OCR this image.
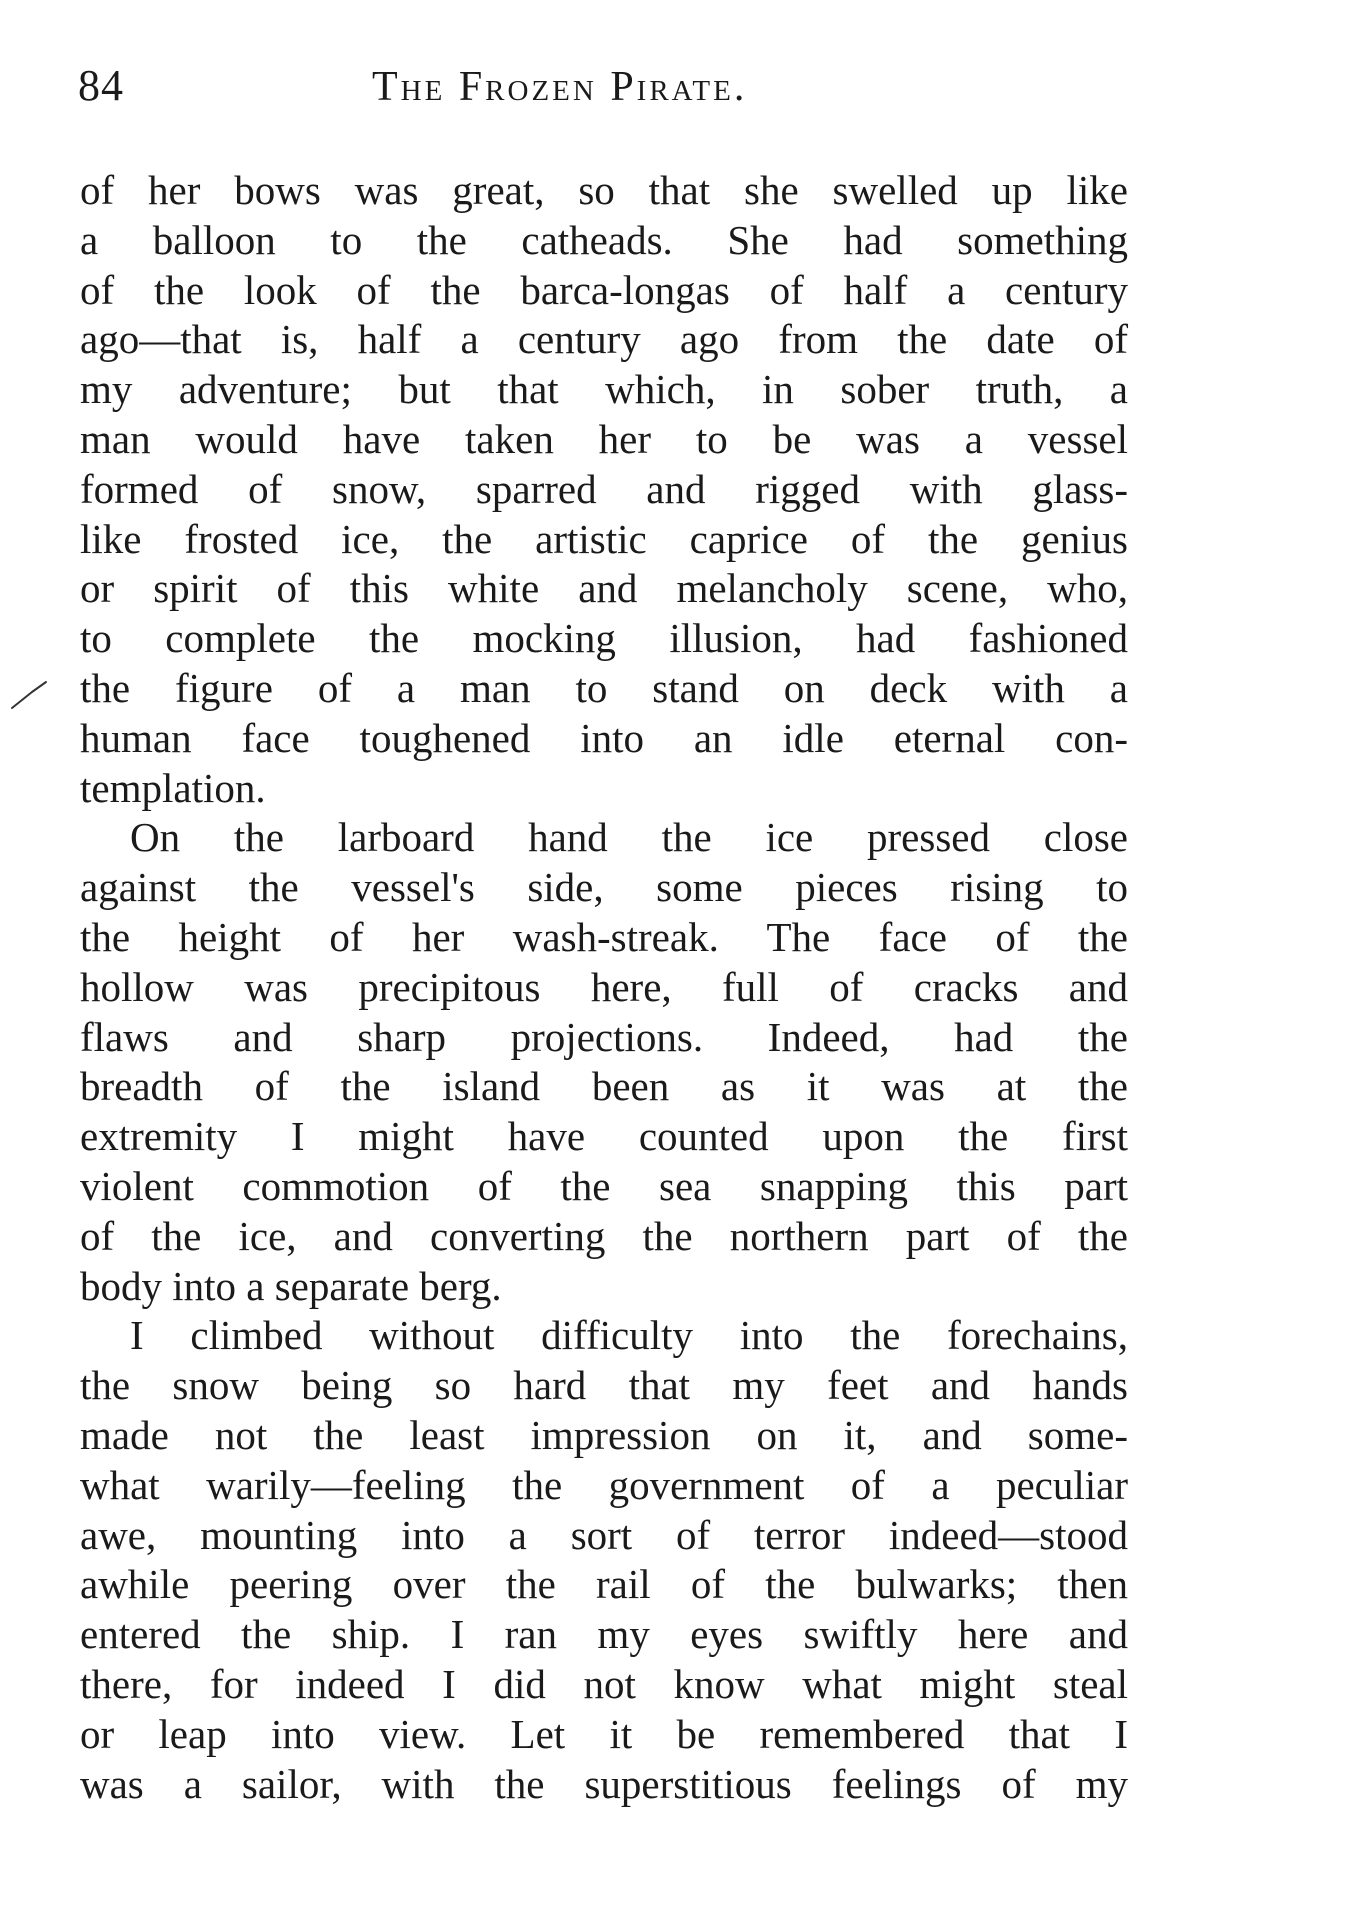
84	The Frozen Pirate.
of her bows was great, so that she swelled up like
a balloon to the catheads. She had something
of the look of the barca-longas of half a century
ago—that is, half a century ago from the date of
my adventure; but that which, in sober truth, a
man would have taken her to be was a vessel
formed of snow, sparred and rigged with glass-
like frosted ice, the artistic caprice of the genius
or spirit of this white and melancholy scene, who,
to complete the mocking illusion, had fashioned
the figure of a man to stand on deck with a
human face toughened into an idle eternal con-
templation.
On the larboard hand the ice pressed close
against the vessel's side, some pieces rising to
the height of her wash-streak. The face of the
hollow was precipitous here, full of cracks and
flaws and sharp projections. Indeed, had the
breadth of the island been as it was at the
extremity I might have counted upon the first
violent commotion of the sea snapping this part
of the ice, and converting the northern part of the
body into a separate berg.
I climbed without difficulty into the forechains,
the snow being so hard that my feet and hands
made not the least impression on it, and some-
what warily—feeling the government of a peculiar
awe, mounting into a sort of terror indeed—stood
awhile peering over the rail of the bulwarks; then
entered the ship. I ran my eyes swiftly here and
there, for indeed I did not know what might steal
or leap into view. Let it be remembered that I
was a sailor, with the superstitious feelings of my
